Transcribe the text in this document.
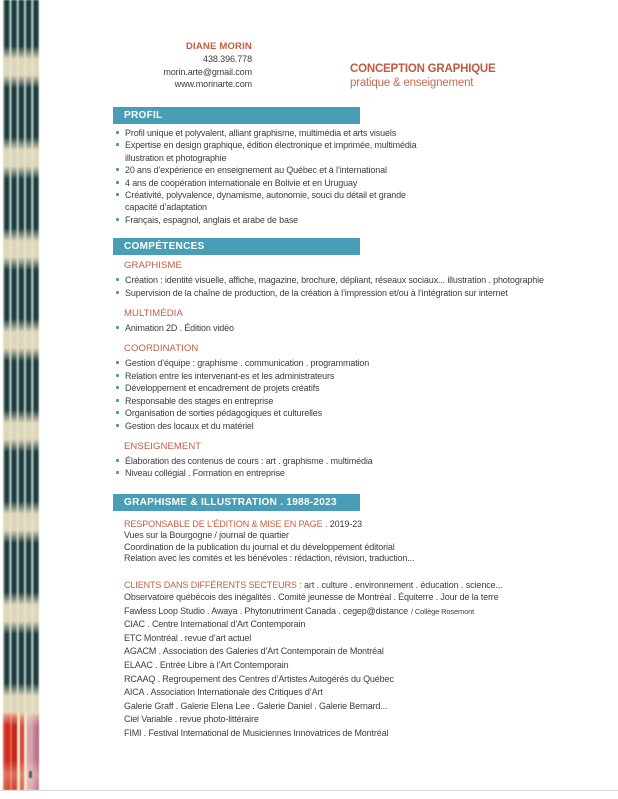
DIANE MORIN
438.396.778
morin.arte@gmail.com
www.morinarte.com
CONCEPTION GRAPHIQUE
pratique & enseignement
PROFIL
Profil unique et polyvalent, alliant graphisme, multimédia et arts visuels
Expertise en design graphique, édition électronique et imprimée, multimédia
illustration et photographie
20 ans d’expérience en enseignement au Québec et à l’international
4 ans de coopération internationale en Bolivie et en Uruguay
Créativité, polyvalence, dynamisme, autonomie, souci du détail et grande
capacité d’adaptation
Français, espagnol, anglais et arabe de base
COMPÉTENCES
GRAPHISME
Création : identité visuelle, affiche, magazine, brochure, dépliant, réseaux sociaux... illustration . photographie
Supervision de la chaîne de production, de la création à l’impression et/ou à l’intégration sur internet
MULTIMÉDIA
Animation 2D . Édition vidéo
COORDINATION
Gestion d’équipe : graphisme . communication . programmation
Relation entre les intervenant-es et les administrateurs
Développement et encadrement de projets créatifs
Responsable des stages en entreprise
Organisation de sorties pédagogiques et culturelles
Gestion des locaux et du matériel
ENSEIGNEMENT
Élaboration des contenus de cours : art . graphisme . multimédia
Niveau collégial . Formation en entreprise
GRAPHISME & ILLUSTRATION . 1988-2023
RESPONSABLE DE L’ÉDITION & MISE EN PAGE . 2019-23
Vues sur la Bourgogne / journal de quartier
Coordination de la publication du journal et du développement éditorial
Relation avec les comités et les bénévoles : rédaction, révision, traduction...
CLIENTS DANS DIFFÉRENTS SECTEURS : art . culture . environnement . éducation . science...
Observatoire québécois des inégalités . Comité jeunesse de Montréal . Équiterre . Jour de la terre
Fawless Loop Studio . Awaya . Phytonutriment Canada . cegep@distance / Collège Rosemont
CIAC . Centre International d’Art Contemporain
ETC Montréal . revue d’art actuel
AGACM . Association des Galeries d’Art Contemporain de Montréal
ELAAC . Entrée Libre à l’Art Contemporain
RCAAQ . Regroupement des Centres d’Artistes Autogérés du Québec
AICA . Association Internationale des Critiques d’Art
Galerie Graff . Galerie Elena Lee . Galerie Daniel . Galerie Bernard...
Ciel Variable . revue photo-littéraire
FIMI . Festival International de Musiciennes Innovatrices de Montréal
